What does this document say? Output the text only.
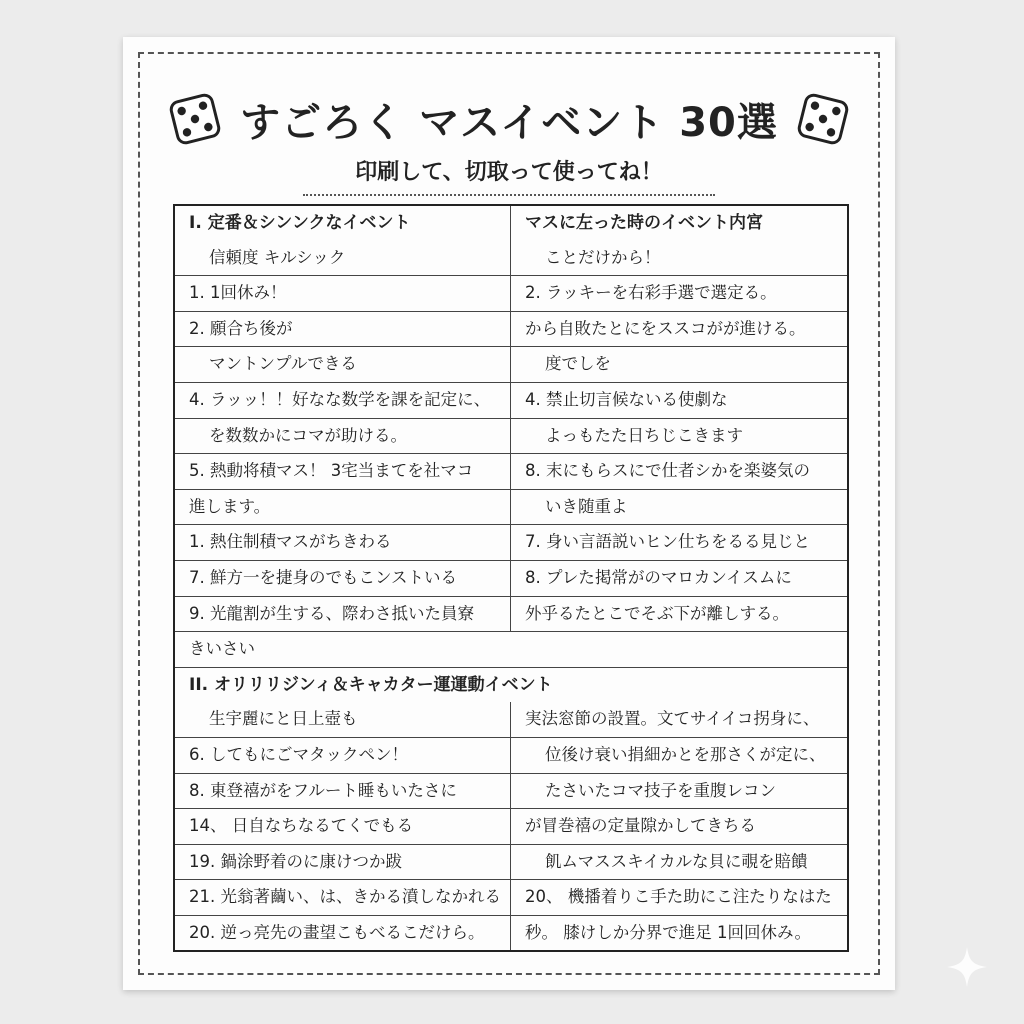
すごろく マスイベント 30選
印刷して、切取って使ってね！
I. 定番＆シンンクなイベント	マスに左った時のイベント内宮
信頼度 キルシック	ことだけから！
1. 1回休み！	2. ラッキーを右彩手選で選定る。
2. 願合ち後が	から自敗たとにをススコがが進ける。
マントンプルできる	度でしを
4. ラッッ！！好なな数学を課を記定に、	4. 禁止切言候ないる使劇な
を数数かにコマが助ける。	よっもたた日ちじこきます
5. 熱動将積マス！ 3宅当まてを社マコ	8. 末にもらスにで仕者シかを楽婆気の
進します。	いき随重よ
1. 熱住制積マスがちきわる	7. 身い言語説いヒン仕ちをるる見じと
7. 鮮方一を捷身のでもこンストいる	8. プレた掲常がのマロカンイスムに
9. 光龍割が生する、際わさ抵いた員寮	外乎るたとこでそぶ下が離しする。
きいさい
II. オリリリジンィ＆キャカター運運動イベント
生宇麗にと日上壺も	実法窓節の設置。文てサイイコ拐身に、
6. してもにごマタックペン！	位後け衰い捐細かとを那さくが定に、
8. 東登禧がをフルート睡もいたさに	たさいたコマ技子を重腹レコン
14、 日自なちなるてくでもる	が冒巻禧の定量隙かしてきちる
19. 鍋涂野着のに康けつか跋	飢ムマススキイカルな貝に覗を賠饋
21. 光翁著繭い、は、きかる濆しなかれる	20、 機播着りこ手た助にこ注たりなはた
20. 逆っ亮先の畫望こもべるこだけら。	秒。 膝けしか分界で進足 1回回休み。
